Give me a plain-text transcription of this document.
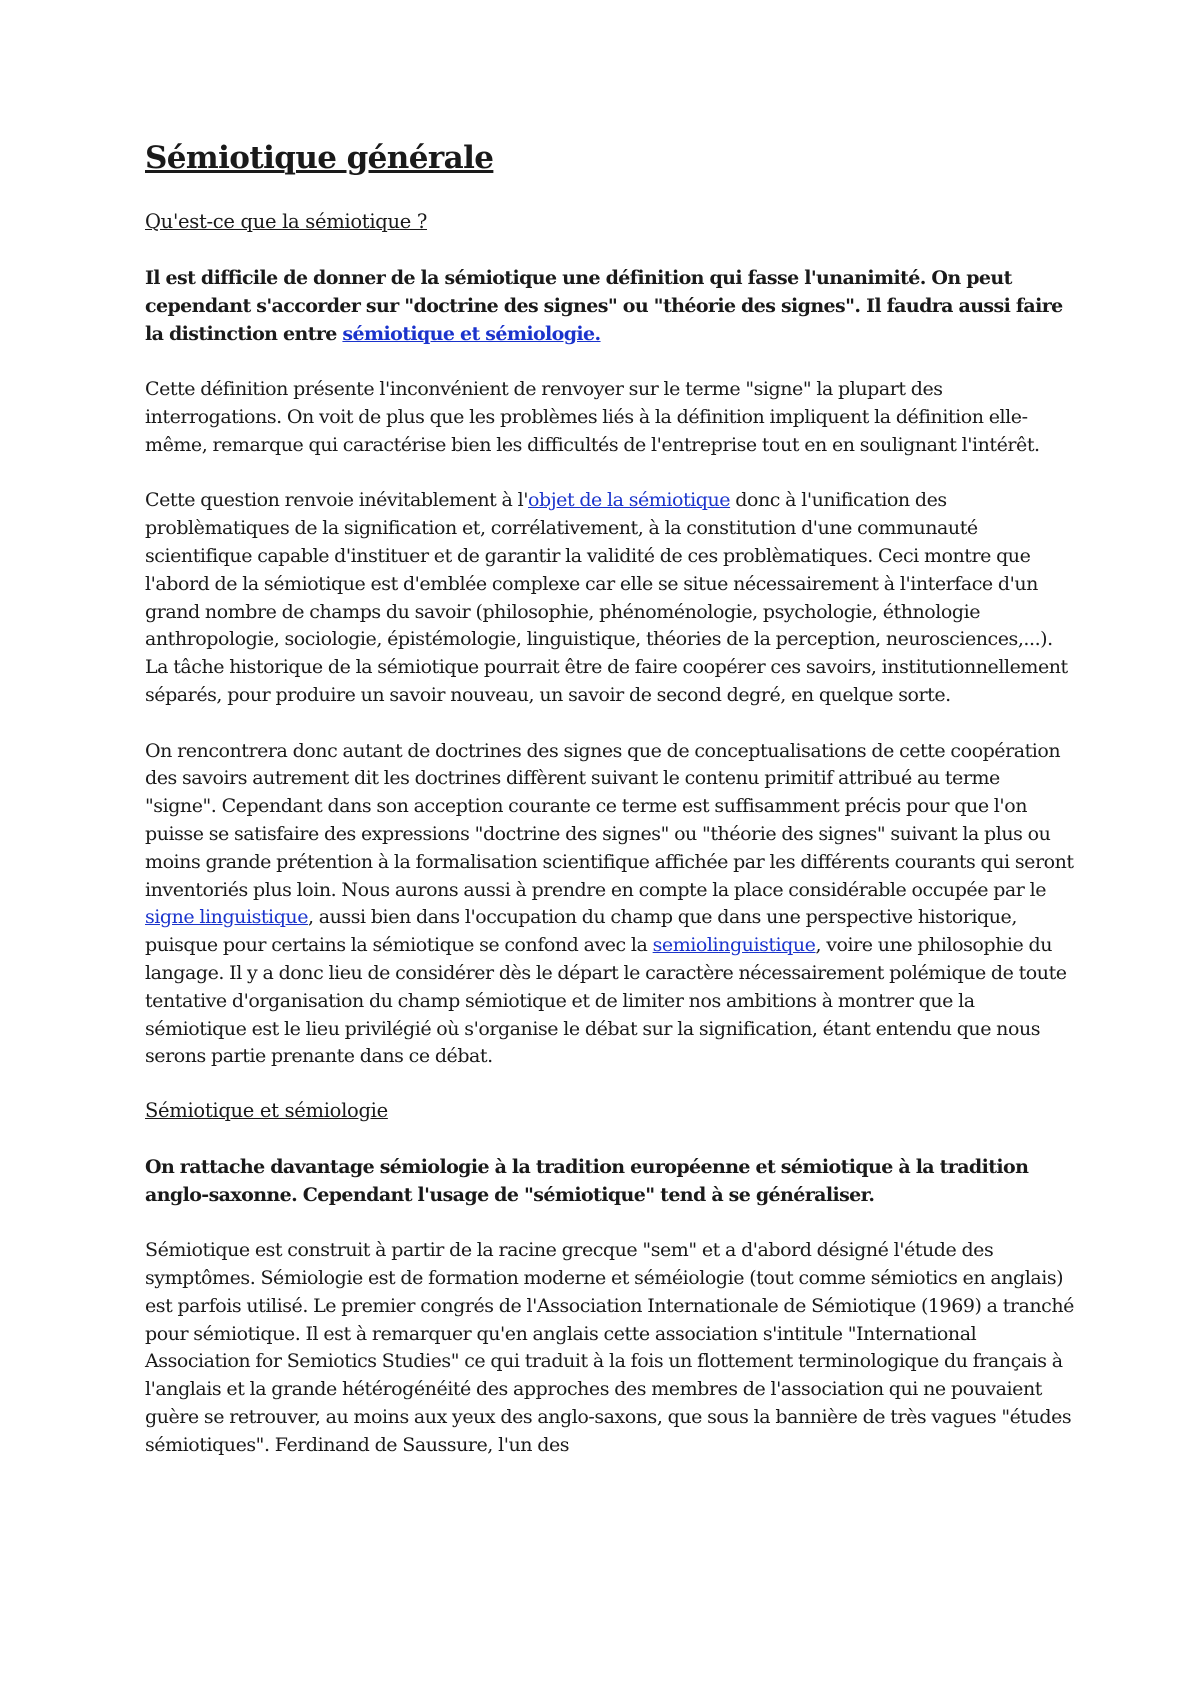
Sémiotique générale
Qu'est-ce que la sémiotique ?

Il est difficile de donner de la sémiotique une définition qui fasse l'unanimité. On peut cependant s'accorder sur "doctrine des signes" ou "théorie des signes". Il faudra aussi faire la distinction entre sémiotique et sémiologie.

Cette définition présente l'inconvénient de renvoyer sur le terme "signe" la plupart des interrogations. On voit de plus que les problèmes liés à la définition impliquent la définition elle-même, remarque qui caractérise bien les difficultés de l'entreprise tout en en soulignant l'intérêt.

Cette question renvoie inévitablement à l'objet de la sémiotique donc à l'unification des problèmatiques de la signification et, corrélativement, à la constitution d'une communauté scientifique capable d'instituer et de garantir la validité de ces problèmatiques. Ceci montre que l'abord de la sémiotique est d'emblée complexe car elle se situe nécessairement à l'interface d'un grand nombre de champs du savoir (philosophie, phénoménologie, psychologie, éthnologie anthropologie, sociologie, épistémologie, linguistique, théories de la perception, neurosciences,...). La tâche historique de la sémiotique pourrait être de faire coopérer ces savoirs, institutionnellement séparés, pour produire un savoir nouveau, un savoir de second degré, en quelque sorte.

On rencontrera donc autant de doctrines des signes que de conceptualisations de cette coopération des savoirs autrement dit les doctrines diffèrent suivant le contenu primitif attribué au terme "signe". Cependant dans son acception courante ce terme est suffisamment précis pour que l'on puisse se satisfaire des expressions "doctrine des signes" ou "théorie des signes" suivant la plus ou moins grande prétention à la formalisation scientifique affichée par les différents courants qui seront inventoriés plus loin. Nous aurons aussi à prendre en compte la place considérable occupée par le signe linguistique, aussi bien dans l'occupation du champ que dans une perspective historique, puisque pour certains la sémiotique se confond avec la semiolinguistique, voire une philosophie du langage. Il y a donc lieu de considérer dès le départ le caractère nécessairement polémique de toute tentative d'organisation du champ sémiotique et de limiter nos ambitions à montrer que la sémiotique est le lieu privilégié où s'organise le débat sur la signification, étant entendu que nous serons partie prenante dans ce débat.

Sémiotique et sémiologie

On rattache davantage sémiologie à la tradition européenne et sémiotique à la tradition anglo-saxonne. Cependant l'usage de "sémiotique" tend à se généraliser.

Sémiotique est construit à partir de la racine grecque "sem" et a d'abord désigné l'étude des symptômes. Sémiologie est de formation moderne et séméiologie (tout comme sémiotics en anglais) est parfois utilisé. Le premier congrés de l'Association Internationale de Sémiotique (1969) a tranché pour sémiotique. Il est à remarquer qu'en anglais cette association s'intitule "International Association for Semiotics Studies" ce qui traduit à la fois un flottement terminologique du français à l'anglais et la grande hétérogénéité des approches des membres de l'association qui ne pouvaient guère se retrouver, au moins aux yeux des anglo-saxons, que sous la bannière de très vagues "études sémiotiques". Ferdinand de Saussure, l'un des
